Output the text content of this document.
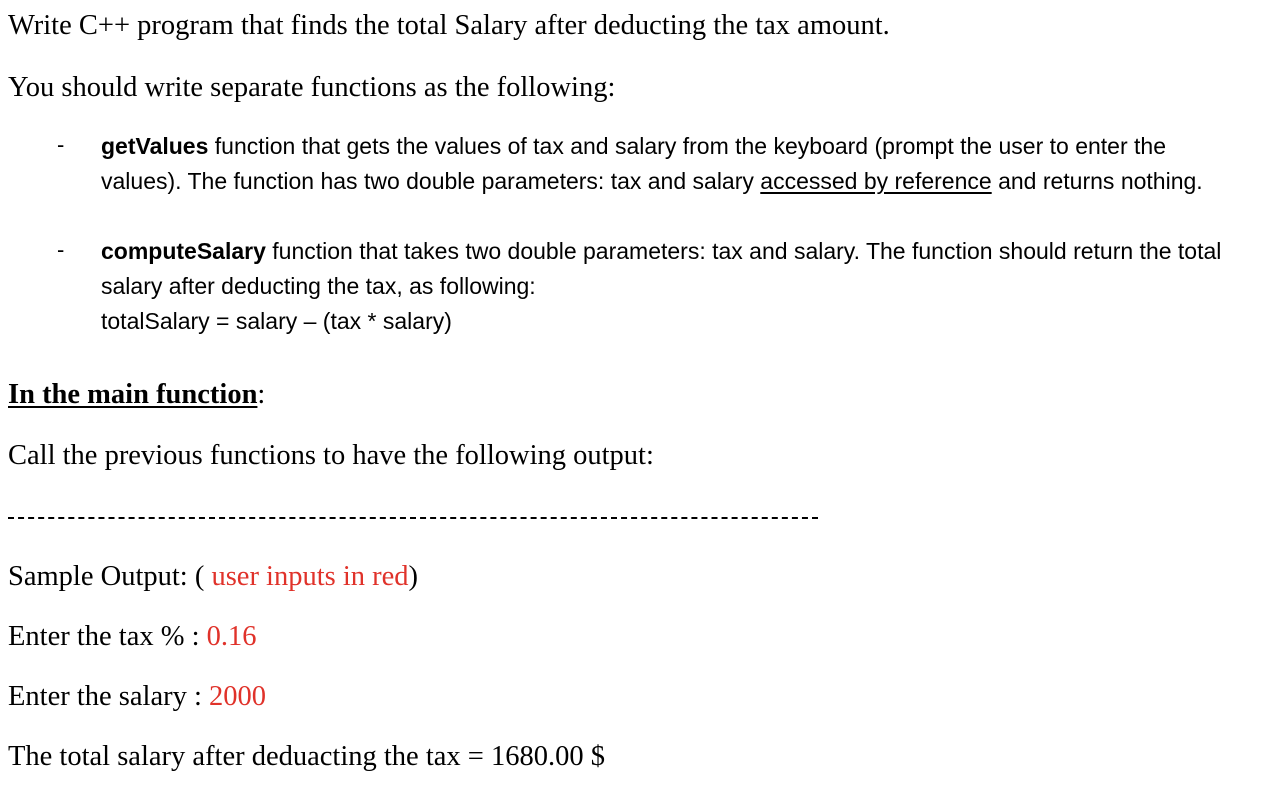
Write C++ program that finds the total Salary after deducting the tax amount.
You should write separate functions as the following:
- getValues function that gets the values of tax and salary from the keyboard (prompt the user to enter the values). The function has two double parameters: tax and salary accessed by reference and returns nothing.
- computeSalary function that takes two double parameters: tax and salary. The function should return the total salary after deducting the tax, as following:
totalSalary = salary – (tax * salary)
In the main function:
Call the previous functions to have the following output:
Sample Output: ( user inputs in red)
Enter the tax % : 0.16
Enter the salary : 2000
The total salary after deduacting the tax = 1680.00 $
